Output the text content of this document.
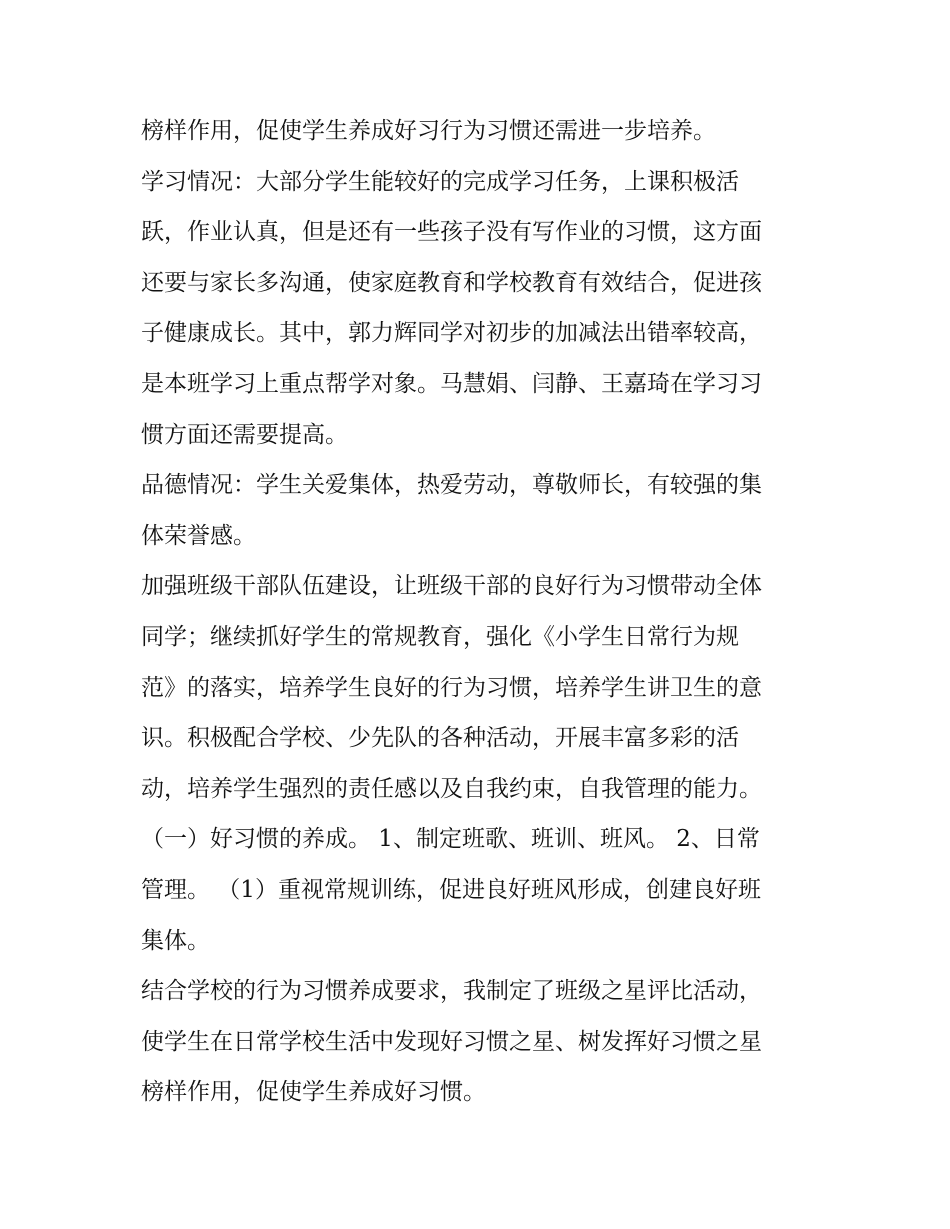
榜样作用，促使学生养成好习行为习惯还需进一步培养。
学习情况：大部分学生能较好的完成学习任务，上课积极活
跃，作业认真，但是还有一些孩子没有写作业的习惯，这方面
还要与家长多沟通，使家庭教育和学校教育有效结合，促进孩
子健康成长。其中，郭力辉同学对初步的加减法出错率较高，
是本班学习上重点帮学对象。马慧娟、闫静、王嘉琦在学习习
惯方面还需要提高。
品德情况：学生关爱集体，热爱劳动，尊敬师长，有较强的集
体荣誉感。
加强班级干部队伍建设，让班级干部的良好行为习惯带动全体
同学；继续抓好学生的常规教育，强化《小学生日常行为规
范》的落实，培养学生良好的行为习惯，培养学生讲卫生的意
识。积极配合学校、少先队的各种活动，开展丰富多彩的活
动，培养学生强烈的责任感以及自我约束，自我管理的能力。
（一）好习惯的养成。 1、制定班歌、班训、班风。 2、日常
管理。 （1）重视常规训练，促进良好班风形成，创建良好班
集体。
结合学校的行为习惯养成要求，我制定了班级之星评比活动，
使学生在日常学校生活中发现好习惯之星、树发挥好习惯之星
榜样作用，促使学生养成好习惯。
